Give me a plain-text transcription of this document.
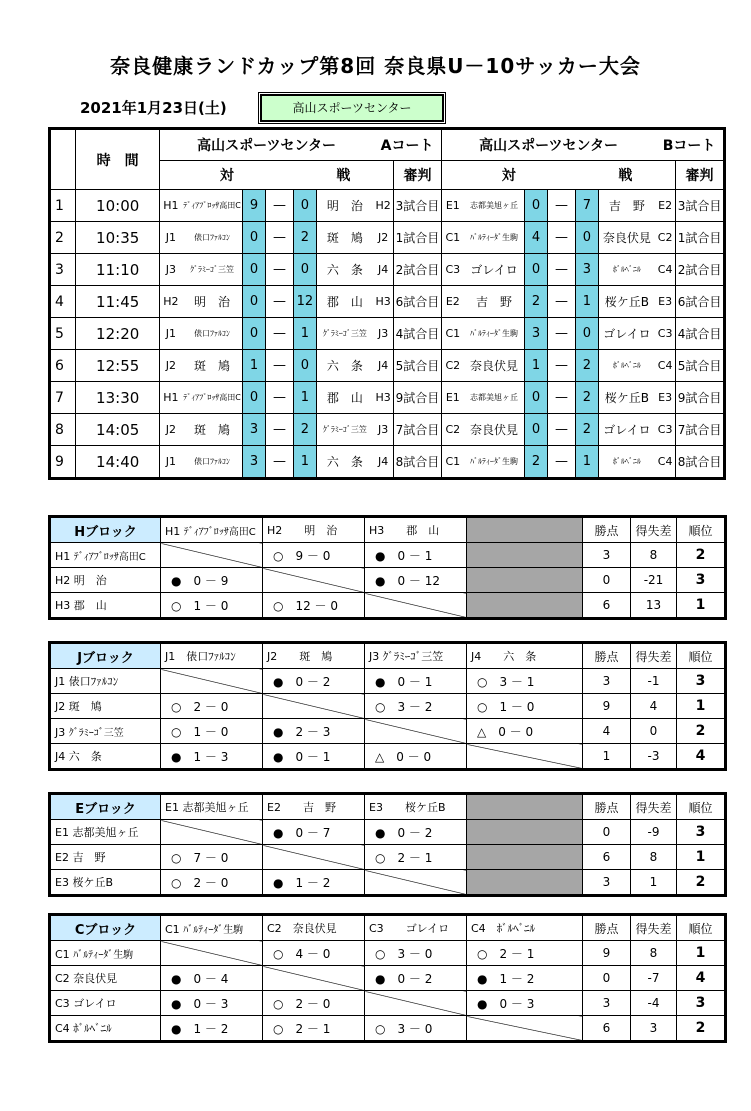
奈良健康ランドカップ第8回 奈良県U－10サッカー大会
2021年1月23日(土)	高山スポーツセンター
	時　間	高山スポーツセンター						Aコート		高山スポーツセンター						Bコート	
		対				戦			審判	対				戦			審判
1	10:00	H1	ﾃﾞｨｱﾌﾞﾛｯｻ高田C	9	—	0	明　治	H2	3試合目	E1	志都美旭ヶ丘	0	—	7	吉　野	E2	3試合目
2	10:35	J1	俵口ﾌｧﾙｺﾝ	0	—	2	斑　鳩	J2	1試合目	C1	ﾊﾞﾙﾃｨｰﾀﾞ生駒	4	—	0	奈良伏見	C2	1試合目
3	11:10	J3	ｸﾞﾗﾐｰｺﾞ三笠	0	—	0	六　条	J4	2試合目	C3	ゴレイロ	0	—	3	ﾎﾞﾙﾍﾞﾆﾙ	C4	2試合目
4	11:45	H2	明　治	0	—	12	郡　山	H3	6試合目	E2	吉　野	2	—	1	桜ケ丘B	E3	6試合目
5	12:20	J1	俵口ﾌｧﾙｺﾝ	0	—	1	ｸﾞﾗﾐｰｺﾞ三笠	J3	4試合目	C1	ﾊﾞﾙﾃｨｰﾀﾞ生駒	3	—	0	ゴレイロ	C3	4試合目
6	12:55	J2	斑　鳩	1	—	0	六　条	J4	5試合目	C2	奈良伏見	1	—	2	ﾎﾞﾙﾍﾞﾆﾙ	C4	5試合目
7	13:30	H1	ﾃﾞｨｱﾌﾞﾛｯｻ高田C	0	—	1	郡　山	H3	9試合目	E1	志都美旭ヶ丘	0	—	2	桜ケ丘B	E3	9試合目
8	14:05	J2	斑　鳩	3	—	2	ｸﾞﾗﾐｰｺﾞ三笠	J3	7試合目	C2	奈良伏見	0	—	2	ゴレイロ	C3	7試合目
9	14:40	J1	俵口ﾌｧﾙｺﾝ	3	—	1	六　条	J4	8試合目	C1	ﾊﾞﾙﾃｨｰﾀﾞ生駒	2	—	1	ﾎﾞﾙﾍﾞﾆﾙ	C4	8試合目
Hブロック	H1 ﾃﾞｨｱﾌﾞﾛｯｻ高田C	H2　　 明　治	H3　　 郡　山		勝点	得失差	順位
H1 ﾃﾞｨｱﾌﾞﾛｯｻ高田C		○　9 － 0	●　0 － 1		3	8	2
H2 明　治	●　0 － 9		●　0 － 12		0	-21	3
H3 郡　山	○　1 － 0	○　12 － 0			6	13	1
Jブロック	J1　 俵口ﾌｧﾙｺﾝ	J2　　 斑　鳩	J3 ｸﾞﾗﾐｰｺﾞ三笠	J4　　 六　条	勝点	得失差	順位
J1 俵口ﾌｧﾙｺﾝ		●　0 － 2	●　0 － 1	○　3 － 1	3	-1	3
J2 斑　鳩	○　2 － 0		○　3 － 2	○　1 － 0	9	4	1
J3 ｸﾞﾗﾐｰｺﾞ三笠	○　1 － 0	●　2 － 3		△　0 － 0	4	0	2
J4 六　条	●　1 － 3	●　0 － 1	△　0 － 0		1	-3	4
Eブロック	E1 志都美旭ヶ丘	E2　　 吉　野	E3　　 桜ケ丘B		勝点	得失差	順位
E1 志都美旭ヶ丘		●　0 － 7	●　0 － 2		0	-9	3
E2 吉　野	○　7 － 0		○　2 － 1		6	8	1
E3 桜ケ丘B	○　2 － 0	●　1 － 2			3	1	2
Cブロック	C1 ﾊﾞﾙﾃｨｰﾀﾞ生駒	C2　 奈良伏見	C3　　 ゴレイロ	C4　 ﾎﾞﾙﾍﾞﾆﾙ	勝点	得失差	順位
C1 ﾊﾞﾙﾃｨｰﾀﾞ生駒		○　4 － 0	○　3 － 0	○　2 － 1	9	8	1
C2 奈良伏見	●　0 － 4		●　0 － 2	●　1 － 2	0	-7	4
C3 ゴレイロ	●　0 － 3	○　2 － 0		●　0 － 3	3	-4	3
C4 ﾎﾞﾙﾍﾞﾆﾙ	●　1 － 2	○　2 － 1	○　3 － 0		6	3	2
